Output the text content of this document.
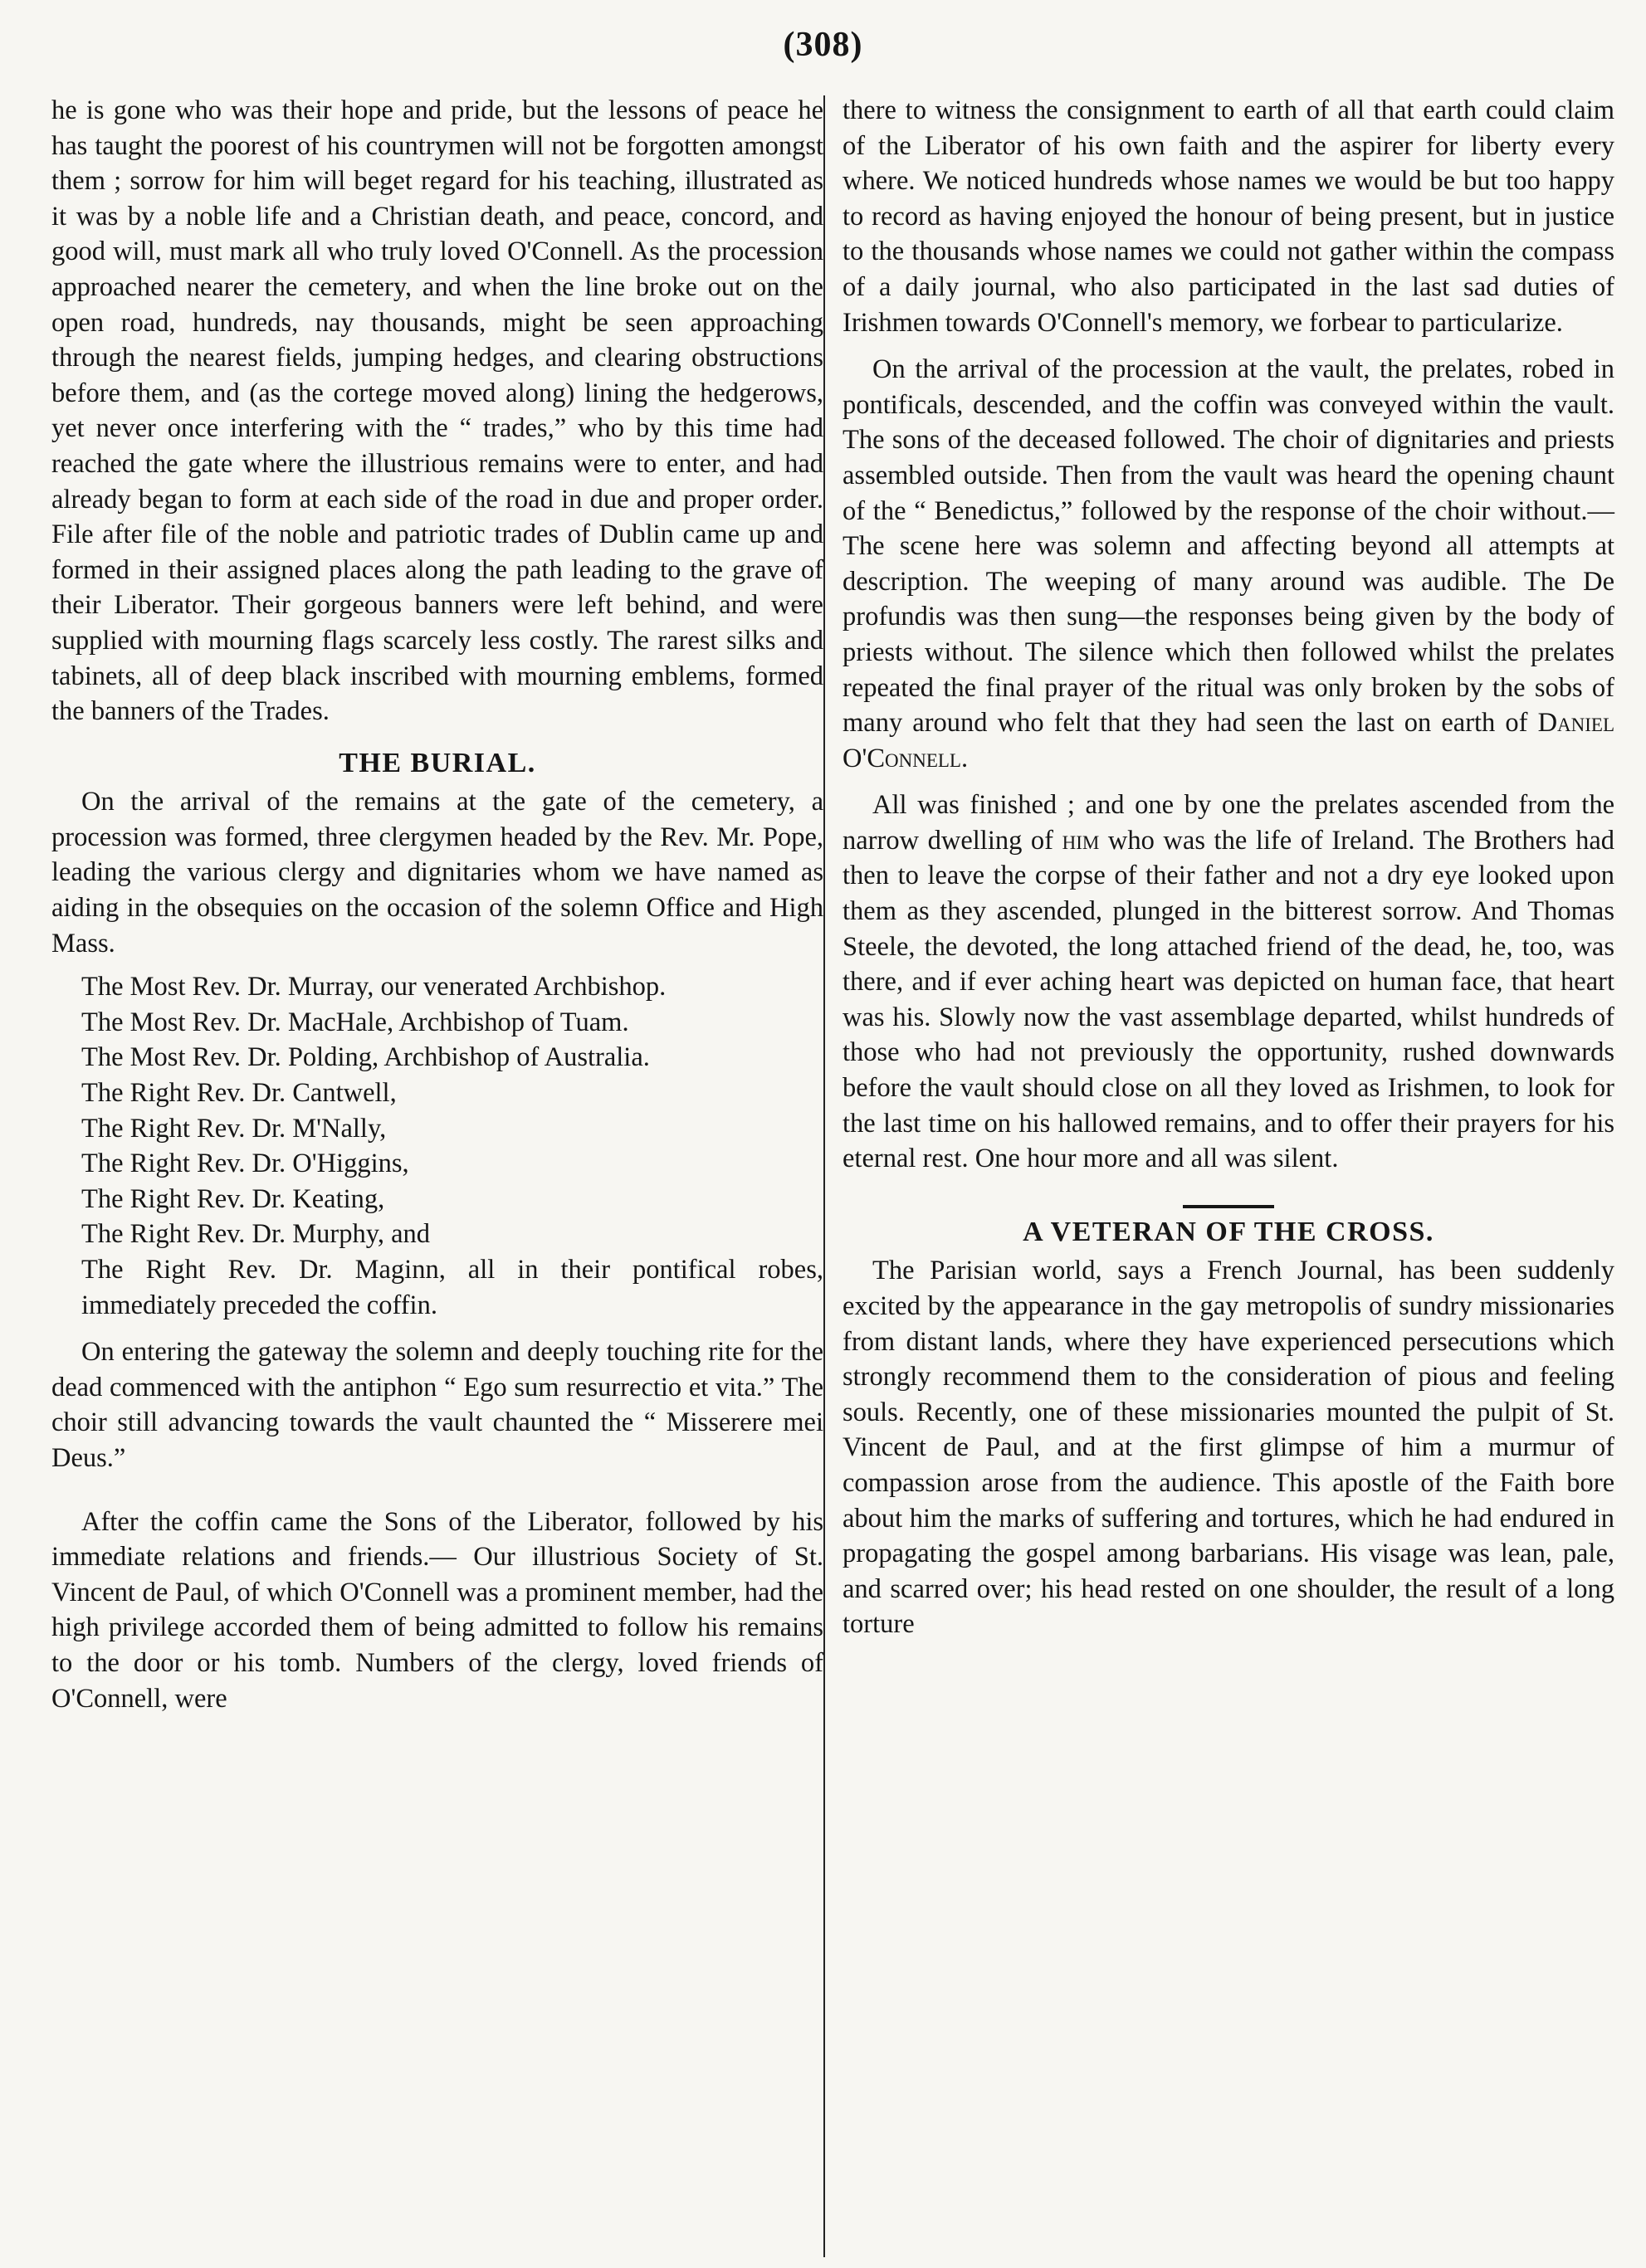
(308)

he is gone who was their hope and pride, but the lessons of peace he has taught the poorest of his countrymen will not be forgotten amongst them ; sorrow for him will beget regard for his teaching, illustrated as it was by a noble life and a Christian death, and peace, concord, and good will, must mark all who truly loved O'Connell. As the procession approached nearer the cemetery, and when the line broke out on the open road, hundreds, nay thousands, might be seen approaching through the nearest fields, jumping hedges, and clearing obstructions before them, and (as the cortege moved along) lining the hedgerows, yet never once interfering with the “ trades,” who by this time had reached the gate where the illustrious remains were to enter, and had already began to form at each side of the road in due and proper order. File after file of the noble and patriotic trades of Dublin came up and formed in their assigned places along the path leading to the grave of their Liberator. Their gorgeous banners were left behind, and were supplied with mourning flags scarcely less costly. The rarest silks and tabinets, all of deep black inscribed with mourning emblems, formed the banners of the Trades.

THE BURIAL.

On the arrival of the remains at the gate of the cemetery, a procession was formed, three clergymen headed by the Rev. Mr. Pope, leading the various clergy and dignitaries whom we have named as aiding in the obsequies on the occasion of the solemn Office and High Mass.

The Most Rev. Dr. Murray, our venerated Archbishop.
The Most Rev. Dr. MacHale, Archbishop of Tuam.
The Most Rev. Dr. Polding, Archbishop of Australia.
The Right Rev. Dr. Cantwell,
The Right Rev. Dr. M'Nally,
The Right Rev. Dr. O'Higgins,
The Right Rev. Dr. Keating,
The Right Rev. Dr. Murphy, and
The Right Rev. Dr. Maginn, all in their pontifical robes, immediately preceded the coffin.

On entering the gateway the solemn and deeply touching rite for the dead commenced with the antiphon “ Ego sum resurrectio et vita.” The choir still advancing towards the vault chaunted the “ Misserere mei Deus.”

After the coffin came the Sons of the Liberator, followed by his immediate relations and friends.— Our illustrious Society of St. Vincent de Paul, of which O'Connell was a prominent member, had the high privilege accorded them of being admitted to follow his remains to the door or his tomb. Numbers of the clergy, loved friends of O'Connell, were

there to witness the consignment to earth of all that earth could claim of the Liberator of his own faith and the aspirer for liberty every where. We noticed hundreds whose names we would be but too happy to record as having enjoyed the honour of being present, but in justice to the thousands whose names we could not gather within the compass of a daily journal, who also participated in the last sad duties of Irishmen towards O'Connell's memory, we forbear to particularize.

On the arrival of the procession at the vault, the prelates, robed in pontificals, descended, and the coffin was conveyed within the vault. The sons of the deceased followed. The choir of dignitaries and priests assembled outside. Then from the vault was heard the opening chaunt of the “ Benedictus,” followed by the response of the choir without.— The scene here was solemn and affecting beyond all attempts at description. The weeping of many around was audible. The De profundis was then sung—the responses being given by the body of priests without. The silence which then followed whilst the prelates repeated the final prayer of the ritual was only broken by the sobs of many around who felt that they had seen the last on earth of Daniel O'Connell.

All was finished ; and one by one the prelates ascended from the narrow dwelling of him who was the life of Ireland. The Brothers had then to leave the corpse of their father and not a dry eye looked upon them as they ascended, plunged in the bitterest sorrow. And Thomas Steele, the devoted, the long attached friend of the dead, he, too, was there, and if ever aching heart was depicted on human face, that heart was his. Slowly now the vast assemblage departed, whilst hundreds of those who had not previously the opportunity, rushed downwards before the vault should close on all they loved as Irishmen, to look for the last time on his hallowed remains, and to offer their prayers for his eternal rest. One hour more and all was silent.

A VETERAN OF THE CROSS.

The Parisian world, says a French Journal, has been suddenly excited by the appearance in the gay metropolis of sundry missionaries from distant lands, where they have experienced persecutions which strongly recommend them to the consideration of pious and feeling souls. Recently, one of these missionaries mounted the pulpit of St. Vincent de Paul, and at the first glimpse of him a murmur of compassion arose from the audience. This apostle of the Faith bore about him the marks of suffering and tortures, which he had endured in propagating the gospel among barbarians. His visage was lean, pale, and scarred over; his head rested on one shoulder, the result of a long torture
